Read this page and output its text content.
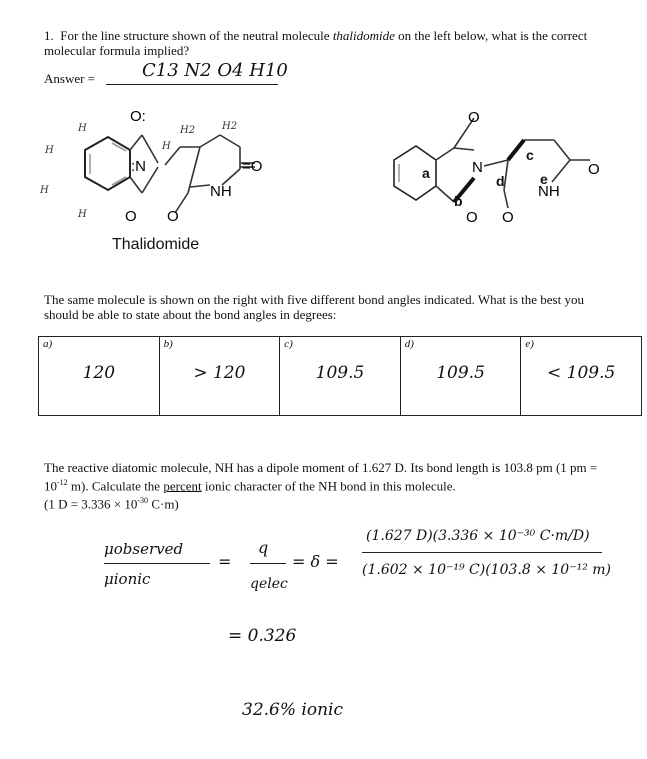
1. For the line structure shown of the neutral molecule thalidomide on the left below, what is the correct molecular formula implied?
Answer =	C13 N2 O4 H10
O:
:N	=O
NH
O O
H
H
H
H
H
H2	H2
Thalidomide
O
N	O
NH
O O
a
b
c
d	e
The same molecule is shown on the right with five different bond angles indicated. What is the best you should be able to state about the bond angles in degrees:
a)
120

b)
> 120

c)
109.5

d)
109.5

e)
< 109.5
The reactive diatomic molecule, NH has a dipole moment of 1.627 D. Its bond length is 103.8 pm (1 pm = $10^{-12}$ m). Calculate the percent ionic character of the NH bond in this molecule.
(1 $D = 3.336 \times 10^{-30}$ C·m)
μobserved
μionic
=
q
qelec
= δ =
(1.627 D)(3.336 × 10⁻³⁰ C·m/D)
(1.602 × 10⁻¹⁹ C)(103.8 × 10⁻¹² m)
= 0.326
32.6% ionic
